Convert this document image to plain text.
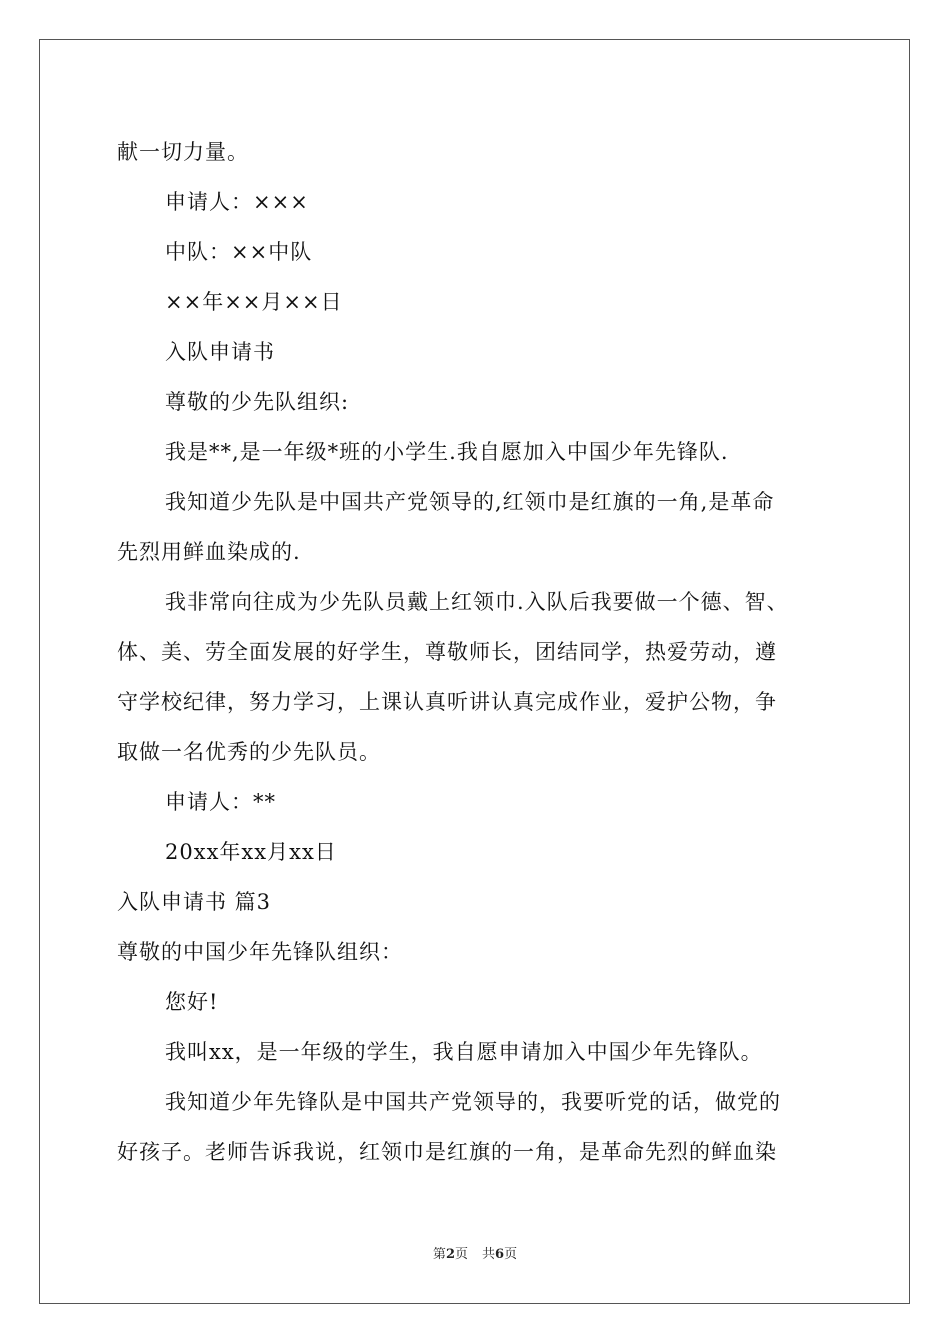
献一切力量。
申请人：×××
中队：××中队
××年××月××日
入队申请书
尊敬的少先队组织:
我是**,是一年级*班的小学生.我自愿加入中国少年先锋队.
我知道少先队是中国共产党领导的,红领巾是红旗的一角,是革命
先烈用鲜血染成的.
我非常向往成为少先队员戴上红领巾.入队后我要做一个德、智、
体、美、劳全面发展的好学生，尊敬师长，团结同学，热爱劳动，遵
守学校纪律，努力学习，上课认真听讲认真完成作业，爱护公物，争
取做一名优秀的少先队员。
申请人：**
20xx年xx月xx日
入队申请书 篇3
尊敬的中国少年先锋队组织：
您好!
我叫xx，是一年级的学生，我自愿申请加入中国少年先锋队。
我知道少年先锋队是中国共产党领导的，我要听党的话，做党的
好孩子。老师告诉我说，红领巾是红旗的一角，是革命先烈的鲜血染
第2页 共6页
